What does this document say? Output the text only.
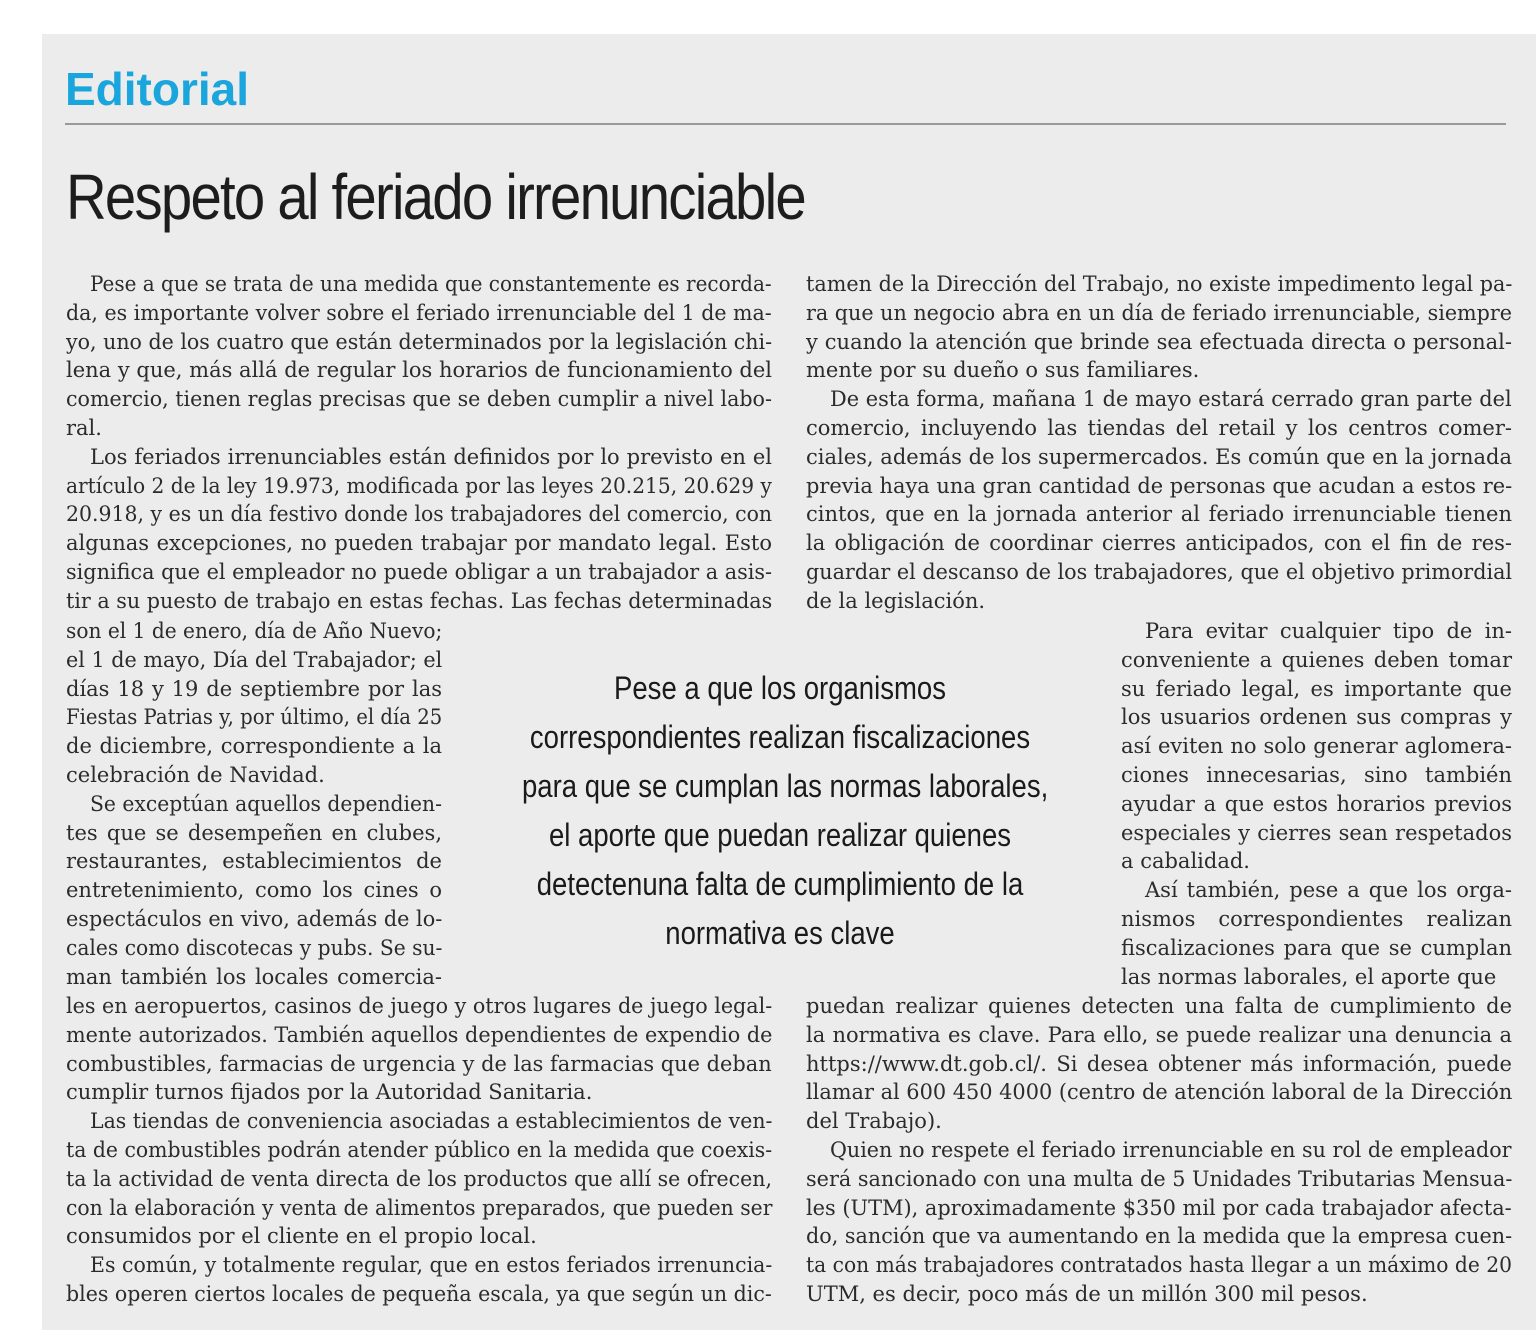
Editorial
Respeto al feriado irrenunciable
Pese a que se trata de una medida que constantemente es recorda-
da, es importante volver sobre el feriado irrenunciable del 1 de ma-
yo, uno de los cuatro que están determinados por la legislación chi-
lena y que, más allá de regular los horarios de funcionamiento del
comercio, tienen reglas precisas que se deben cumplir a nivel labo-
ral.
Los feriados irrenunciables están definidos por lo previsto en el
artículo 2 de la ley 19.973, modificada por las leyes 20.215, 20.629 y
20.918, y es un día festivo donde los trabajadores del comercio, con
algunas excepciones, no pueden trabajar por mandato legal. Esto
significa que el empleador no puede obligar a un trabajador a asis-
tir a su puesto de trabajo en estas fechas. Las fechas determinadas
son el 1 de enero, día de Año Nuevo;
el 1 de mayo, Día del Trabajador; el
días 18 y 19 de septiembre por las
Fiestas Patrias y, por último, el día 25
de diciembre, correspondiente a la
celebración de Navidad.
Se exceptúan aquellos dependien-
tes que se desempeñen en clubes,
restaurantes, establecimientos de
entretenimiento, como los cines o
espectáculos en vivo, además de lo-
cales como discotecas y pubs. Se su-
man también los locales comercia-
les en aeropuertos, casinos de juego y otros lugares de juego legal-
mente autorizados. También aquellos dependientes de expendio de
combustibles, farmacias de urgencia y de las farmacias que deban
cumplir turnos fijados por la Autoridad Sanitaria.
Las tiendas de conveniencia asociadas a establecimientos de ven-
ta de combustibles podrán atender público en la medida que coexis-
ta la actividad de venta directa de los productos que allí se ofrecen,
con la elaboración y venta de alimentos preparados, que pueden ser
consumidos por el cliente en el propio local.
Es común, y totalmente regular, que en estos feriados irrenuncia-
bles operen ciertos locales de pequeña escala, ya que según un dic-
tamen de la Dirección del Trabajo, no existe impedimento legal pa-
ra que un negocio abra en un día de feriado irrenunciable, siempre
y cuando la atención que brinde sea efectuada directa o personal-
mente por su dueño o sus familiares.
De esta forma, mañana 1 de mayo estará cerrado gran parte del
comercio, incluyendo las tiendas del retail y los centros comer-
ciales, además de los supermercados. Es común que en la jornada
previa haya una gran cantidad de personas que acudan a estos re-
cintos, que en la jornada anterior al feriado irrenunciable tienen
la obligación de coordinar cierres anticipados, con el fin de res-
guardar el descanso de los trabajadores, que el objetivo primordial
de la legislación.
Para evitar cualquier tipo de in-
conveniente a quienes deben tomar
su feriado legal, es importante que
los usuarios ordenen sus compras y
así eviten no solo generar aglomera-
ciones innecesarias, sino también
ayudar a que estos horarios previos
especiales y cierres sean respetados
a cabalidad.
Así también, pese a que los orga-
nismos correspondientes realizan
fiscalizaciones para que se cumplan
las normas laborales, el aporte que
puedan realizar quienes detecten una falta de cumplimiento de
la normativa es clave. Para ello, se puede realizar una denuncia a
https://www.dt.gob.cl/. Si desea obtener más información, puede
llamar al 600 450 4000 (centro de atención laboral de la Dirección
del Trabajo).
Quien no respete el feriado irrenunciable en su rol de empleador
será sancionado con una multa de 5 Unidades Tributarias Mensua-
les (UTM), aproximadamente $350 mil por cada trabajador afecta-
do, sanción que va aumentando en la medida que la empresa cuen-
ta con más trabajadores contratados hasta llegar a un máximo de 20
UTM, es decir, poco más de un millón 300 mil pesos.
Pese a que los organismos
correspondientes realizan fiscalizaciones
para que se cumplan las normas laborales,
el aporte que puedan realizar quienes
detectenuna falta de cumplimiento de la
normativa es clave
